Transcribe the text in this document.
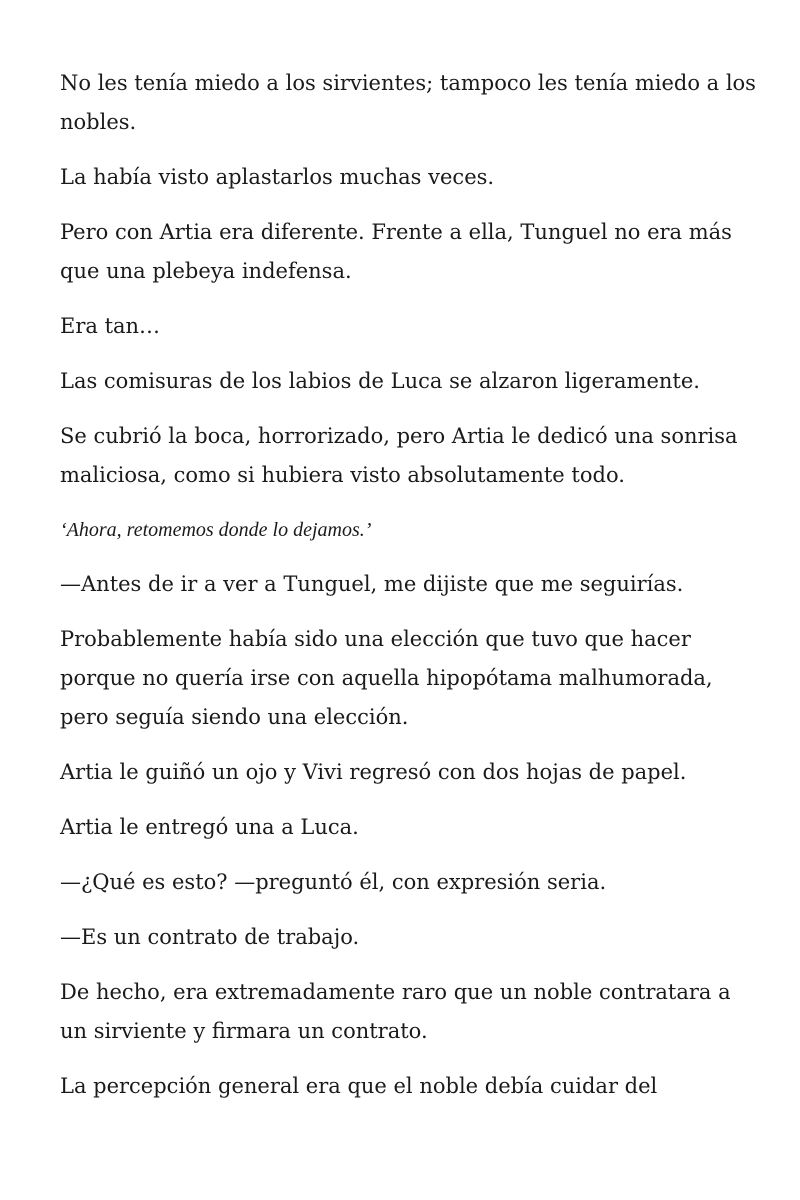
No les tenía miedo a los sirvientes; tampoco les tenía miedo a los nobles.

La había visto aplastarlos muchas veces.

Pero con Artia era diferente. Frente a ella, Tunguel no era más que una plebeya indefensa.

Era tan…

Las comisuras de los labios de Luca se alzaron ligeramente.

Se cubrió la boca, horrorizado, pero Artia le dedicó una sonrisa maliciosa, como si hubiera visto absolutamente todo.

‘Ahora, retomemos donde lo dejamos.’

—Antes de ir a ver a Tunguel, me dijiste que me seguirías.

Probablemente había sido una elección que tuvo que hacer porque no quería irse con aquella hipopótama malhumorada, pero seguía siendo una elección.

Artia le guiñó un ojo y Vivi regresó con dos hojas de papel.

Artia le entregó una a Luca.

—¿Qué es esto? —preguntó él, con expresión seria.

—Es un contrato de trabajo.

De hecho, era extremadamente raro que un noble contratara a un sirviente y firmara un contrato.

La percepción general era que el noble debía cuidar del
